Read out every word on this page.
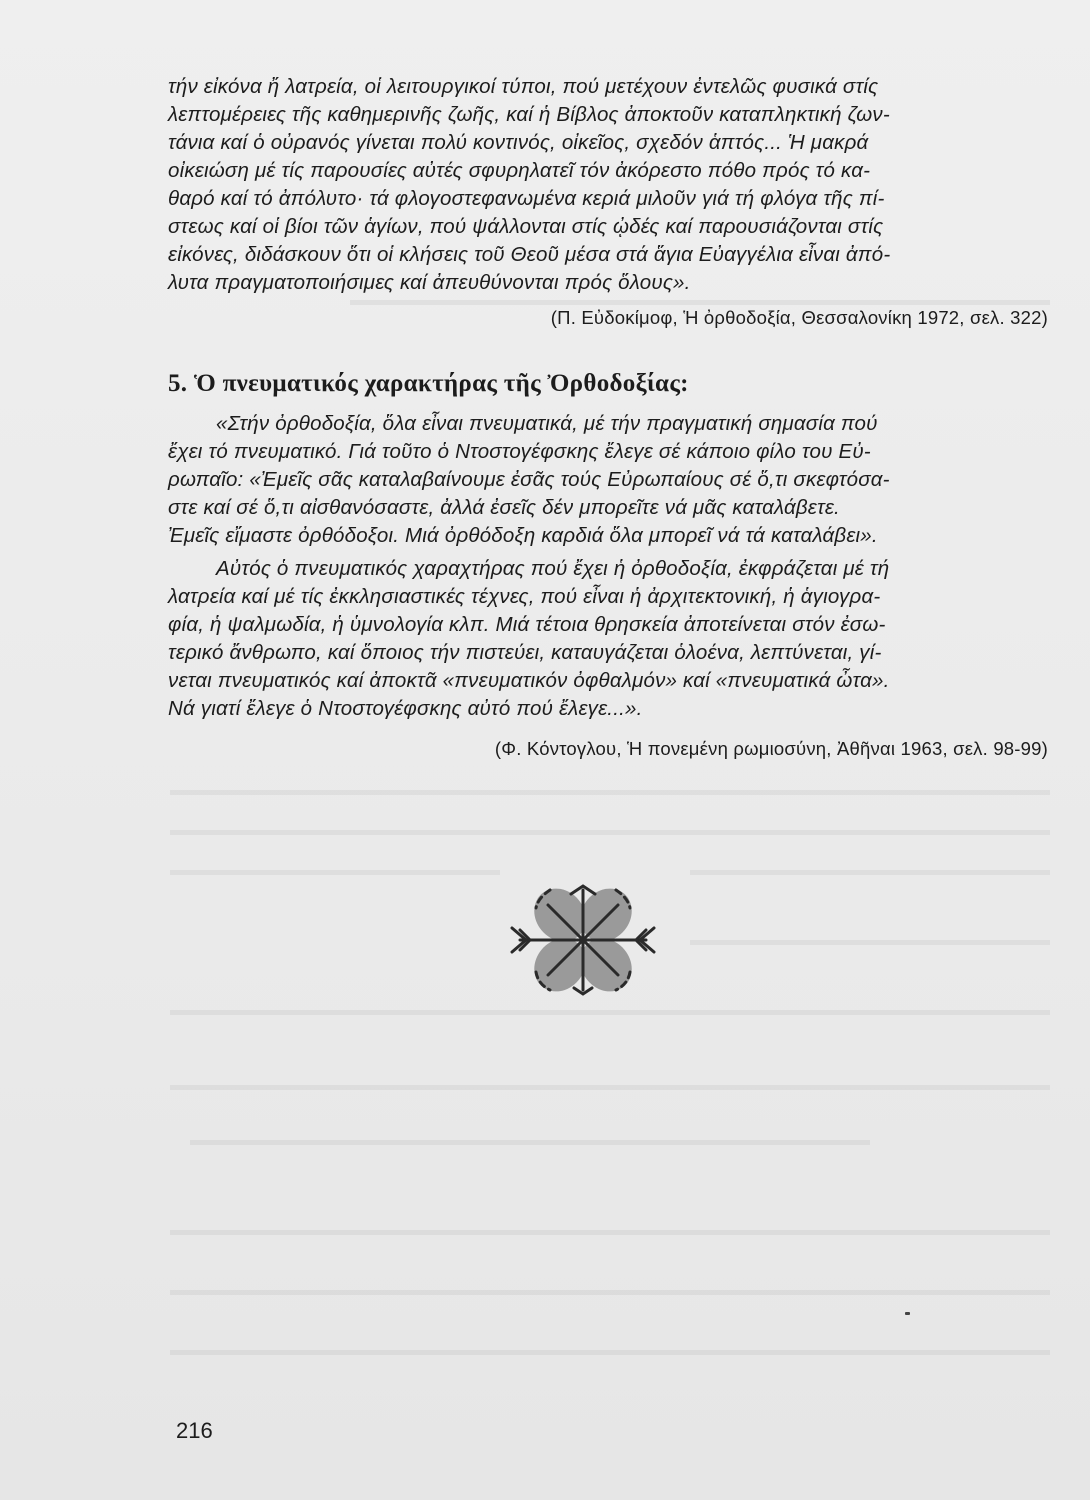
τήν εἰκόνα ἤ λατρεία, οἱ λειτουργικοί τύποι, πού μετέχουν ἐντελῶς φυσικά στίς
λεπτομέρειες τῆς καθημερινῆς ζωῆς, καί ἡ Βίβλος ἀποκτοῦν καταπληκτική ζων-
τάνια καί ὁ οὐρανός γίνεται πολύ κοντινός, οἰκεῖος, σχεδόν ἁπτός... Ἡ μακρά
οἰκειώση μέ τίς παρουσίες αὐτές σφυρηλατεῖ τόν ἀκόρεστο πόθο πρός τό κα-
θαρό καί τό ἀπόλυτο· τά φλογοστεφανωμένα κεριά μιλοῦν γιά τή φλόγα τῆς πί-
στεως καί οἱ βίοι τῶν ἁγίων, πού ψάλλονται στίς ᾠδές καί παρουσιάζονται στίς
εἰκόνες, διδάσκουν ὅτι οἱ κλήσεις τοῦ Θεοῦ μέσα στά ἅγια Εὐαγγέλια εἶναι ἀπό-
λυτα πραγματοποιήσιμες καί ἀπευθύνονται πρός ὅλους».
(Π. Εὐδοκίμοφ, Ἡ ὀρθοδοξία, Θεσσαλονίκη 1972, σελ. 322)
5. Ὁ πνευματικός χαρακτήρας τῆς Ὀρθοδοξίας:
«Στήν ὀρθοδοξία, ὅλα εἶναι πνευματικά, μέ τήν πραγματική σημασία πού
ἔχει τό πνευματικό. Γιά τοῦτο ὁ Ντοστογέφσκης ἔλεγε σέ κάποιο φίλο του Εὐ-
ρωπαῖο: «Ἐμεῖς σᾶς καταλαβαίνουμε ἐσᾶς τούς Εὐρωπαίους σέ ὅ,τι σκεφτόσα-
στε καί σέ ὅ,τι αἰσθανόσαστε, ἀλλά ἐσεῖς δέν μπορεῖτε νά μᾶς καταλάβετε.
Ἐμεῖς εἴμαστε ὀρθόδοξοι. Μιά ὀρθόδοξη καρδιά ὅλα μπορεῖ νά τά καταλάβει».
Αὐτός ὁ πνευματικός χαραχτήρας πού ἔχει ἡ ὀρθοδοξία, ἐκφράζεται μέ τή
λατρεία καί μέ τίς ἐκκλησιαστικές τέχνες, πού εἶναι ἡ ἀρχιτεκτονική, ἡ ἁγιογρα-
φία, ἡ ψαλμωδία, ἡ ὑμνολογία κλπ. Μιά τέτοια θρησκεία ἀποτείνεται στόν ἐσω-
τερικό ἄνθρωπο, καί ὅποιος τήν πιστεύει, καταυγάζεται ὁλοένα, λεπτύνεται, γί-
νεται πνευματικός καί ἀποκτᾶ «πνευματικόν ὀφθαλμόν» καί «πνευματικά ὦτα».
Νά γιατί ἔλεγε ὁ Ντοστογέφσκης αὐτό πού ἔλεγε...».
(Φ. Κόντογλου, Ἡ πονεμένη ρωμιοσύνη, Ἀθῆναι 1963, σελ. 98-99)
216
